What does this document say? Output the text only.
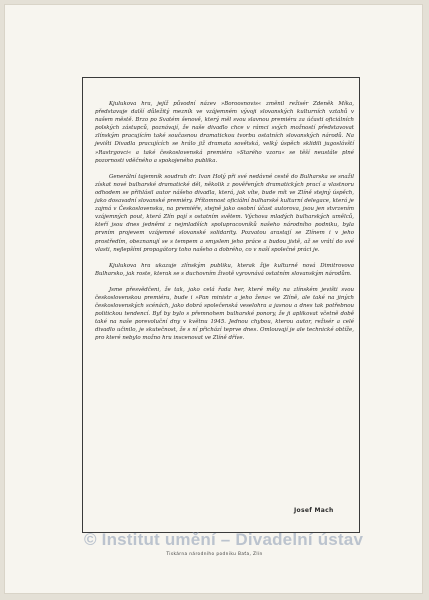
Kjulukova hra, jejíž původní název »Boroosnovis« změnil režisér Zdeněk Míka, představuje další důležitý mezník ve vzájemném vývoji slovanských kulturních vztahů v našem městě. Brzo po Svatém šenově, který měl svou slavnou premiéru za účasti oficiálních polských zástupců, poznávají, že naše divadlo chce v rámci svých možností představovat zlínským pracujícím také současnou dramatickou tvorbu ostatních slovanských národů. Na jevišti Divadla pracujících se hrálo již dramata sovětská, velký úspěch sklidili jugoslávští »Rastrgovci« a také československá premiéra »Starého vzoru« se těší neustále plné pozornosti vděčného a spokojeného publika.

Generální tajemník soudruh dr. Ivan Holý při své nedávné cestě do Bulharska se snažil získat nové bulharské dramatické děl, několik z pověřených dramatických prací a vlastnoru odhodem se přihlásil autor nášeho divadla, která, jak víte, bude mít ve Zlíně stejný úspěch, jako dosavadní slovanské premiéry. Přítomnost oficiální bulharské kulturní delegace, která je zajmá v Československu, na premiéře, stejně jako osobní účast autorova, jsou jen stvrzením vzájemných pout, která Zlín pojí s ostatním světem. Výchova mladých bulharských umělců, kteří jsou dnes jedněmi z nejmladších spolupracovníků našeho národního podniku, byla prvním projevem vzájemné slovanské solidarity. Pozvatou arastají se Zlínem i v jeho prostředím, obeznanují se s tempem a smyslem jeho práce a budou jistě, až se vrátí do své vlasti, nejlepšími propagátory toho našeho a dobrého, co v naší společné práci je.

Kjulukova hra ukazuje zlínským publiku, kterak žije kulturně nová Dimitrovova Bulharsko, jak roste, kterak se s duchovním životě vyrovnává ostatním slovanským národům.

Jsme přesvědčeni, že tak, jako celá řada her, které měly na zlínském jevišti svou československou premiéru, bude i »Pan ministr a jeho žena« ve Zlíně, ale také na jiných československých scénách, jako dobrá společenská veselohra a jasnou a dnes tak potřebnou politickou tendencí. Byť by bylo s přemnohem bulharské ponory, že ji aplikovat včetně době také na naše porevoluční dny v květnu 1945. Jednou chybou, kterou autor, režisér a celé divadlo učinilo, je skutečnost, že s ní přichází teprve dnes. Omlouvají je ale technické obtíže, pro které nebylo možno hru inscenovat ve Zlíně dříve.

Josef Mach
© Institut umění – Divadelní ústav
Tiskárna národního podniku Baťa, Zlín
